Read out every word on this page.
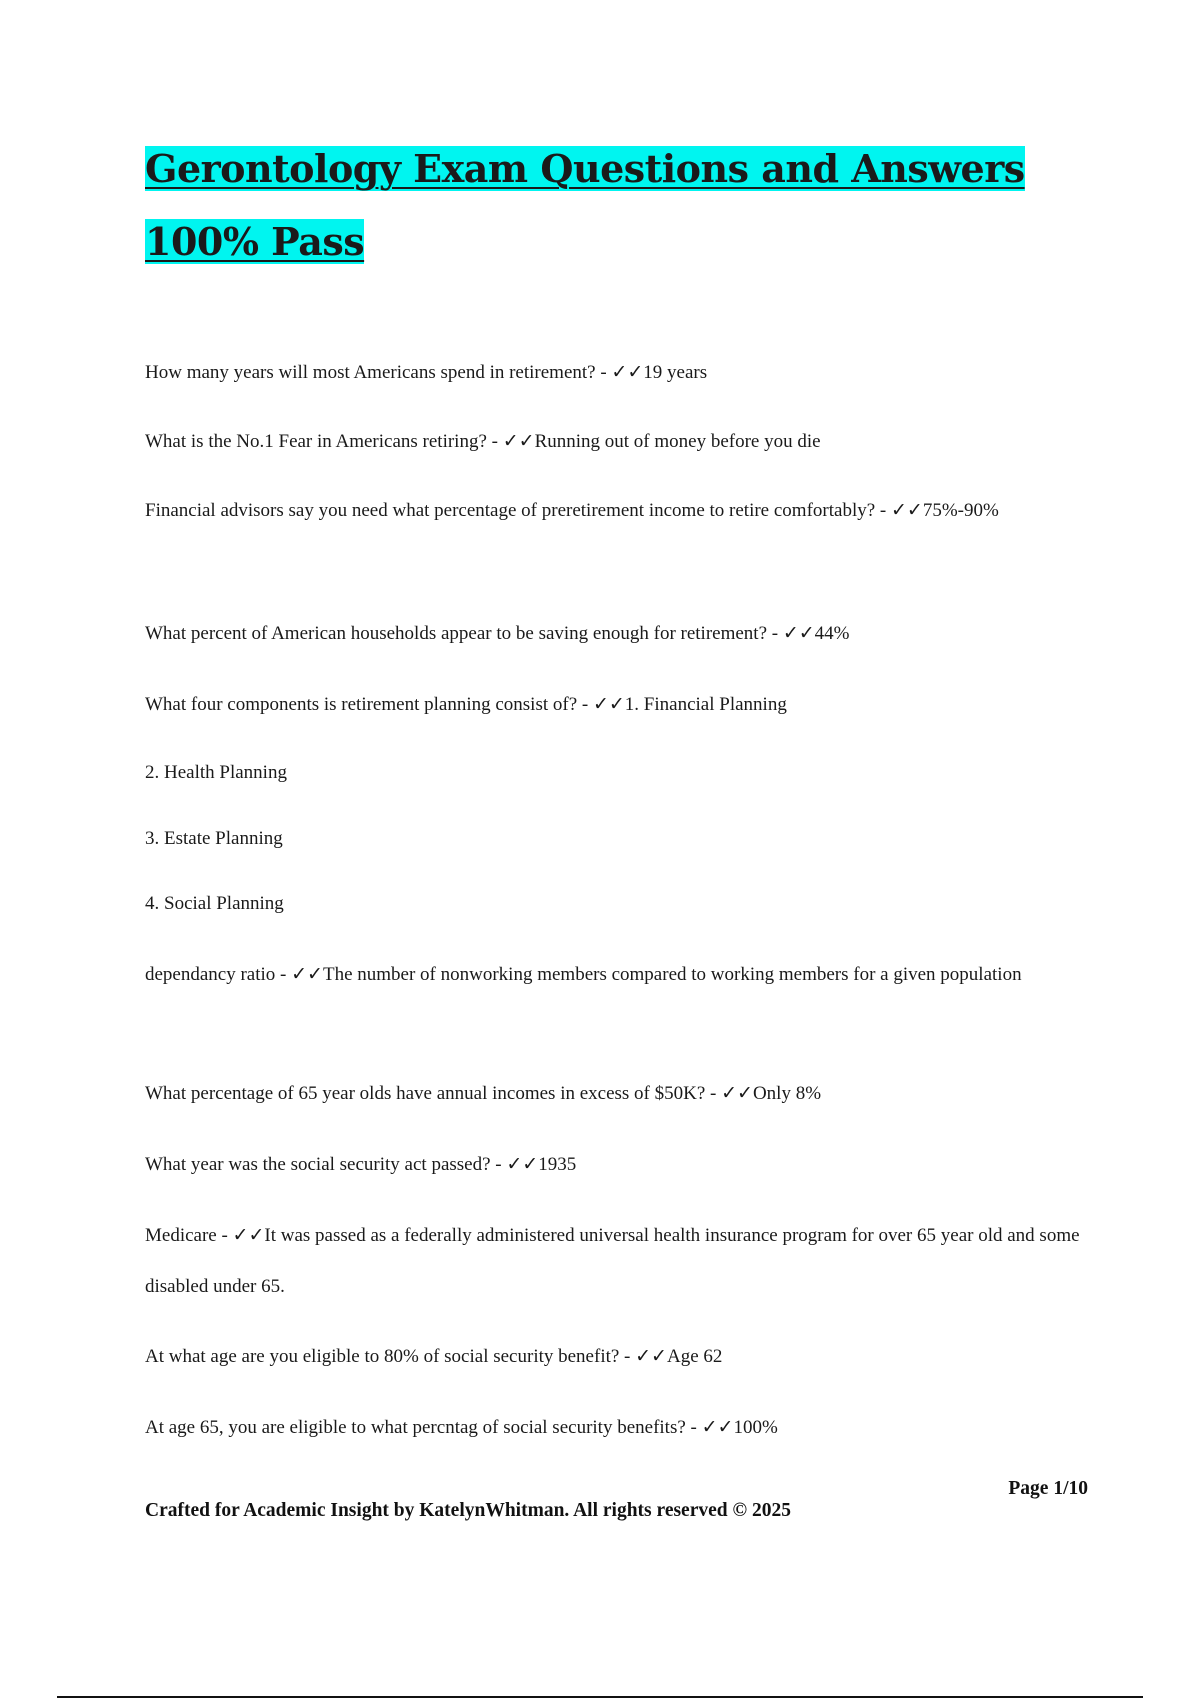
Gerontology Exam Questions and Answers 100% Pass

How many years will most Americans spend in retirement? - ✓✓19 years

What is the No.1 Fear in Americans retiring? - ✓✓Running out of money before you die

Financial advisors say you need what percentage of preretirement income to retire comfortably? - ✓✓75%-90%

What percent of American households appear to be saving enough for retirement? - ✓✓44%

What four components is retirement planning consist of? - ✓✓1. Financial Planning

2. Health Planning

3. Estate Planning

4. Social Planning

dependancy ratio - ✓✓The number of nonworking members compared to working members for a given population

What percentage of 65 year olds have annual incomes in excess of $50K? - ✓✓Only 8%

What year was the social security act passed? - ✓✓1935

Medicare - ✓✓It was passed as a federally administered universal health insurance program for over 65 year old and some disabled under 65.

At what age are you eligible to 80% of social security benefit? - ✓✓Age 62

At age 65, you are eligible to what percntag of social security benefits? - ✓✓100%

Page 1/10

Crafted for Academic Insight by KatelynWhitman. All rights reserved © 2025
